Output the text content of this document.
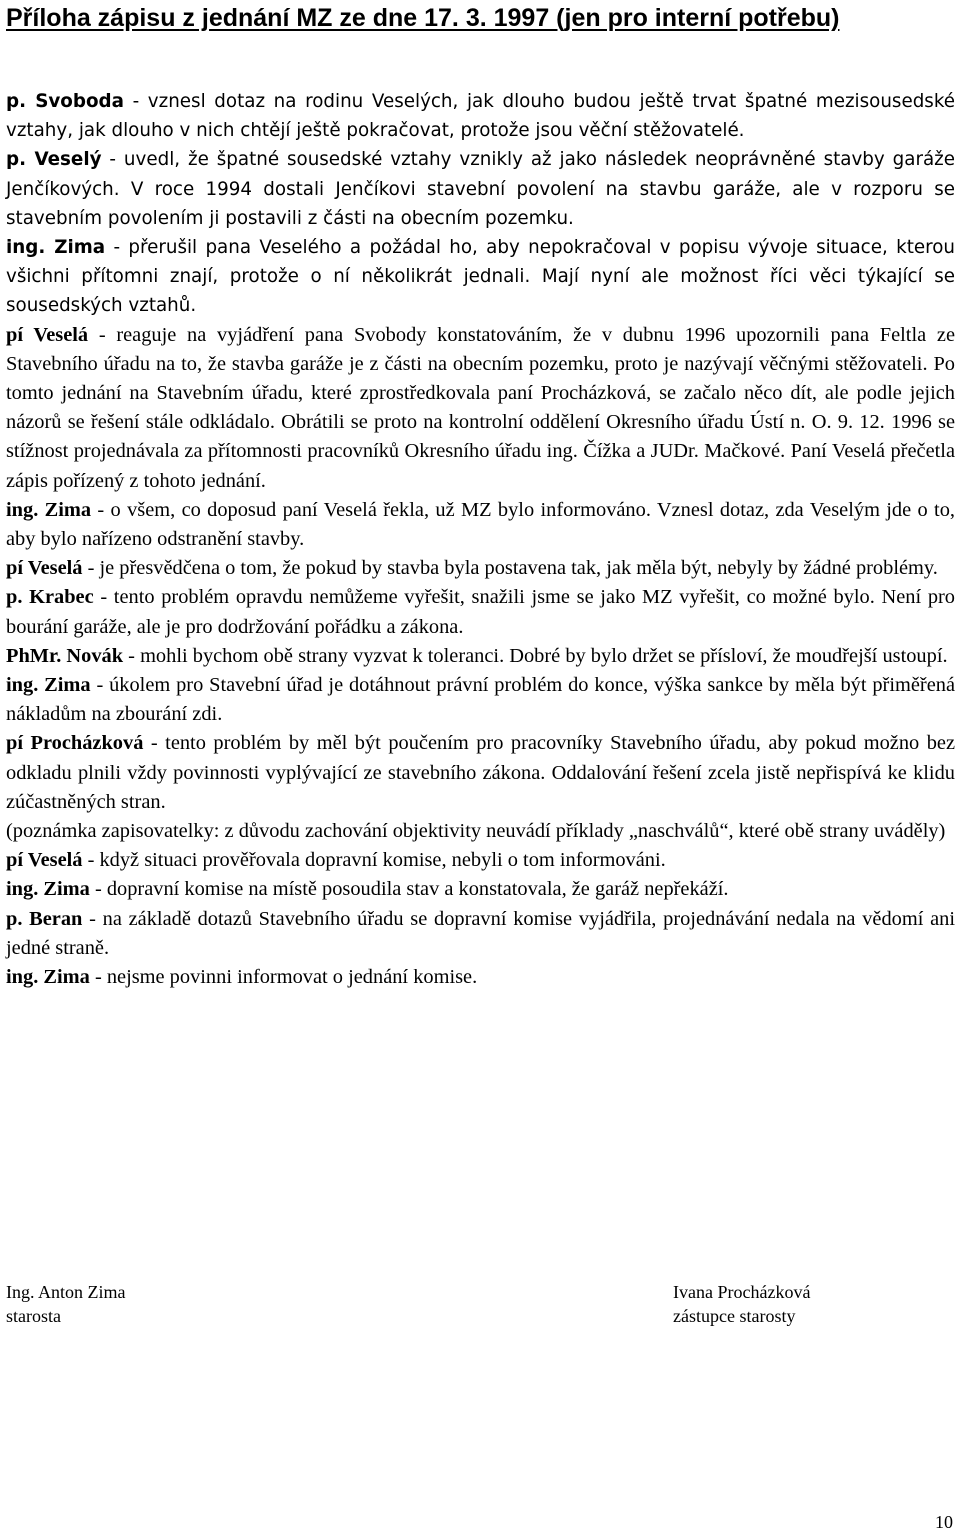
Příloha zápisu z jednání MZ ze dne 17. 3. 1997 (jen pro interní potřebu)

p. Svoboda - vznesl dotaz na rodinu Veselých, jak dlouho budou ještě trvat špatné mezisousedské vztahy, jak dlouho v nich chtějí ještě pokračovat, protože jsou věční stěžovatelé.

p. Veselý - uvedl, že špatné sousedské vztahy vznikly až jako následek neoprávněné stavby garáže Jenčíkových. V roce 1994 dostali Jenčíkovi stavební povolení na stavbu garáže, ale v rozporu se stavebním povolením ji postavili z části na obecním pozemku.

ing. Zima - přerušil pana Veselého a požádal ho, aby nepokračoval v popisu vývoje situace, kterou všichni přítomni znají, protože o ní několikrát jednali. Mají nyní ale možnost říci věci týkající se sousedských vztahů.

pí Veselá - reaguje na vyjádření pana Svobody konstatováním, že v dubnu 1996 upozornili pana Feltla ze Stavebního úřadu na to, že stavba garáže je z části na obecním pozemku, proto je nazývají věčnými stěžovateli. Po tomto jednání na Stavebním úřadu, které zprostředkovala paní Procházková, se začalo něco dít, ale podle jejich názorů se řešení stále odkládalo. Obrátili se proto na kontrolní oddělení Okresního úřadu Ústí n. O. 9. 12. 1996 se stížnost projednávala za přítomnosti pracovníků Okresního úřadu ing. Čížka a JUDr. Mačkové. Paní Veselá přečetla zápis pořízený z tohoto jednání.

ing. Zima - o všem, co doposud paní Veselá řekla, už MZ bylo informováno. Vznesl dotaz, zda Veselým jde o to, aby bylo nařízeno odstranění stavby.

pí Veselá - je přesvědčena o tom, že pokud by stavba byla postavena tak, jak měla být, nebyly by žádné problémy.

p. Krabec - tento problém opravdu nemůžeme vyřešit, snažili jsme se jako MZ vyřešit, co možné bylo. Není pro bourání garáže, ale je pro dodržování pořádku a zákona.

PhMr. Novák - mohli bychom obě strany vyzvat k toleranci. Dobré by bylo držet se přísloví, že moudřejší ustoupí.

ing. Zima - úkolem pro Stavební úřad je dotáhnout právní problém do konce, výška sankce by měla být přiměřená nákladům na zbourání zdi.

pí Procházková - tento problém by měl být poučením pro pracovníky Stavebního úřadu, aby pokud možno bez odkladu plnili vždy povinnosti vyplývající ze stavebního zákona. Oddalování řešení zcela jistě nepřispívá ke klidu zúčastněných stran.

(poznámka zapisovatelky: z důvodu zachování objektivity neuvádí příklady „naschválů“, které obě strany uváděly)

pí Veselá - když situaci prověřovala dopravní komise, nebyli o tom informováni.

ing. Zima - dopravní komise na místě posoudila stav a konstatovala, že garáž nepřekáží.

p. Beran - na základě dotazů Stavebního úřadu se dopravní komise vyjádřila, projednávání nedala na vědomí ani jedné straně.

ing. Zima - nejsme povinni informovat o jednání komise.

Ing. Anton Zima
starosta
Ivana Procházková
zástupce starosty
10
